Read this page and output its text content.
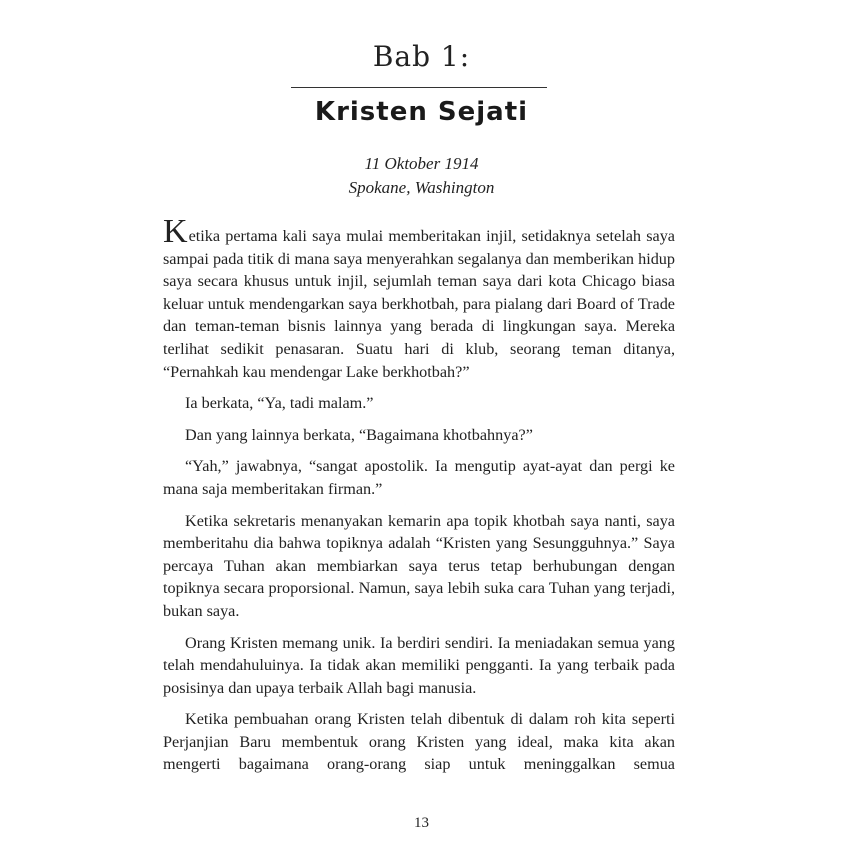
Bab 1:
Kristen Sejati
11 Oktober 1914
Spokane, Washington

Ketika pertama kali saya mulai memberitakan injil, setidaknya setelah saya sampai pada titik di mana saya menyerahkan segalanya dan memberikan hidup saya secara khusus untuk injil, sejumlah teman saya dari kota Chicago biasa keluar untuk mendengarkan saya berkhotbah, para pialang dari Board of Trade dan teman-teman bisnis lainnya yang berada di lingkungan saya. Mereka terlihat sedikit penasaran. Suatu hari di klub, seorang teman ditanya, “Pernahkah kau mendengar Lake berkhotbah?”

Ia berkata, “Ya, tadi malam.”

Dan yang lainnya berkata, “Bagaimana khotbahnya?”

“Yah,” jawabnya, “sangat apostolik. Ia mengutip ayat-ayat dan pergi ke mana saja memberitakan firman.”

Ketika sekretaris menanyakan kemarin apa topik khotbah saya nanti, saya memberitahu dia bahwa topiknya adalah “Kristen yang Sesungguhnya.” Saya percaya Tuhan akan membiarkan saya terus tetap berhubungan dengan topiknya secara proporsional. Namun, saya lebih suka cara Tuhan yang terjadi, bukan saya.

Orang Kristen memang unik. Ia berdiri sendiri. Ia meniadakan semua yang telah mendahuluinya. Ia tidak akan memiliki pengganti. Ia yang terbaik pada posisinya dan upaya terbaik Allah bagi manusia.

Ketika pembuahan orang Kristen telah dibentuk di dalam roh kita seperti Perjanjian Baru membentuk orang Kristen yang ideal, maka kita akan mengerti bagaimana orang-orang siap untuk meninggalkan semua

13
